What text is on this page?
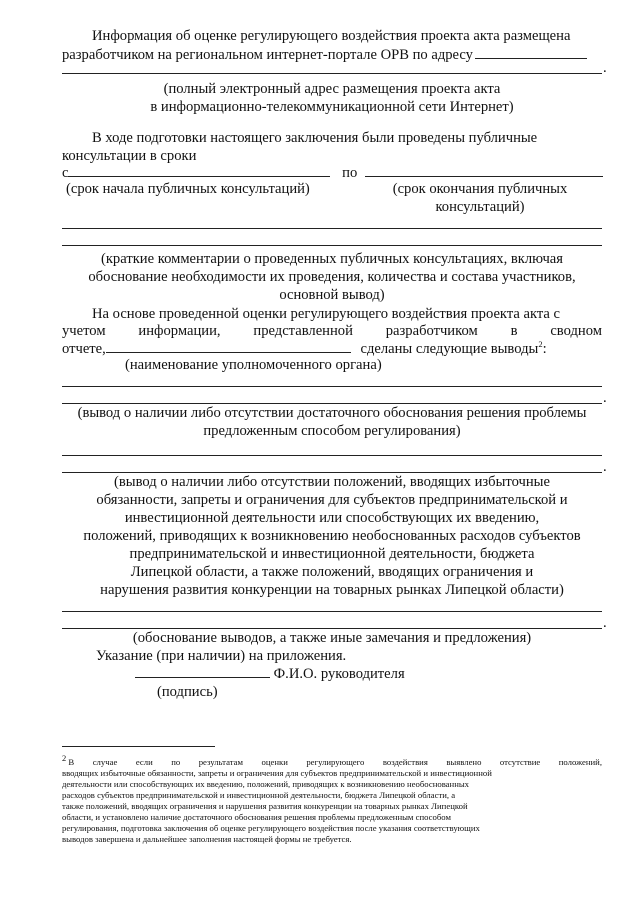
Информация об оценке регулирующего воздействия проекта акта размещена
разработчиком на региональном интернет-портале ОРВ по адресу
.
(полный электронный адрес размещения проекта акта
в информационно-телекоммуникационной сети Интернет)
В ходе подготовки настоящего заключения были проведены публичные
консультации в сроки
с	по
(срок начала публичных консультаций)	(срок окончания публичных
консультаций)
(краткие комментарии о проведенных публичных консультациях, включая
обоснование необходимости их проведения, количества и состава участников,
основной вывод)
На основе проведенной оценки регулирующего воздействия проекта акта с
учетом информации, представленной разработчиком в сводном
отчете,	сделаны следующие выводы$^2$:
(наименование уполномоченного органа)
.
(вывод о наличии либо отсутствии достаточного обоснования решения проблемы
предложенным способом регулирования)
.
(вывод о наличии либо отсутствии положений, вводящих избыточные
обязанности, запреты и ограничения для субъектов предпринимательской и
инвестиционной деятельности или способствующих их введению,
положений, приводящих к возникновению необоснованных расходов субъектов
предпринимательской и инвестиционной деятельности, бюджета
Липецкой области, а также положений, вводящих ограничения и
нарушения развития конкуренции на товарных рынках Липецкой области)
.
(обоснование выводов, а также иные замечания и предложения)
Указание (при наличии) на приложения.
Ф.И.О. руководителя
(подпись)
2 В случае если по результатам оценки регулирующего воздействия выявлено отсутствие положений,
вводящих избыточные обязанности, запреты и ограничения для субъектов предпринимательской и инвестиционной
деятельности или способствующих их введению, положений, приводящих к возникновению необоснованных
расходов субъектов предпринимательской и инвестиционной деятельности, бюджета Липецкой области, а
также положений, вводящих ограничения и нарушения развития конкуренции на товарных рынках Липецкой
области, и установлено наличие достаточного обоснования решения проблемы предложенным способом
регулирования, подготовка заключения об оценке регулирующего воздействия после указания соответствующих
выводов завершена и дальнейшее заполнения настоящей формы не требуется.
